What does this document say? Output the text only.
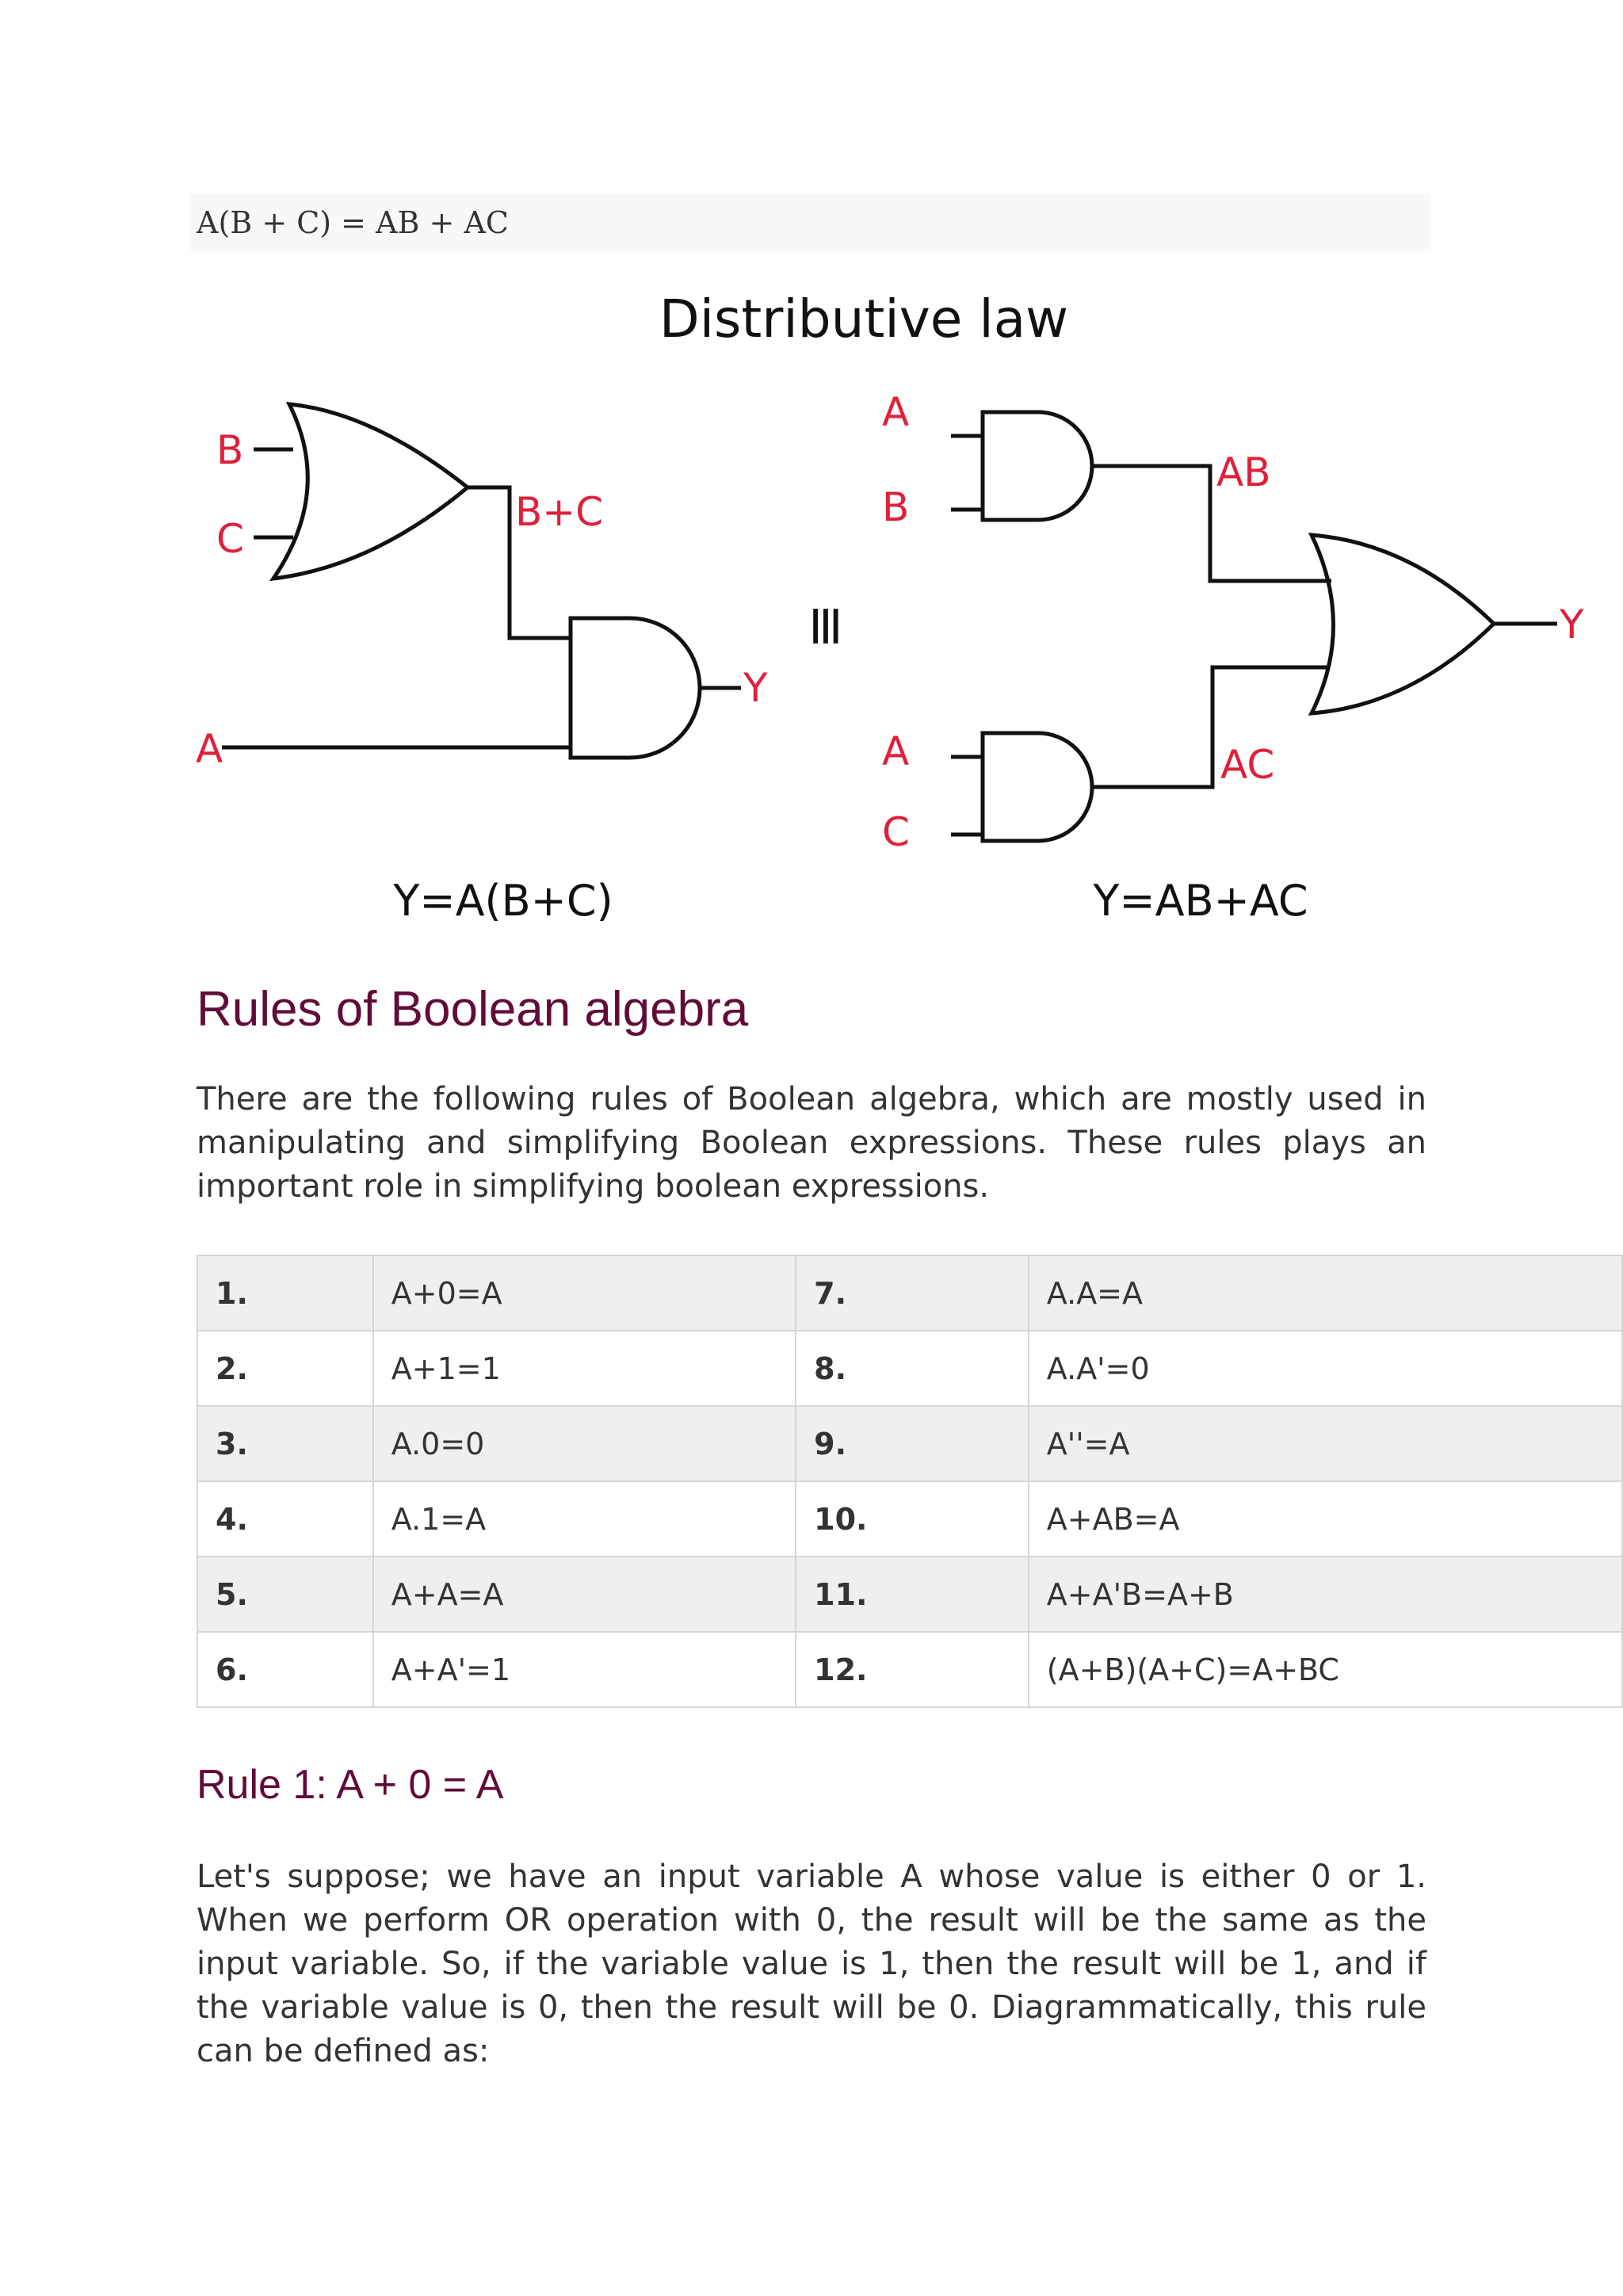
A(B + C) = AB + AC
Distributive law
B
C
A
B+C
Y
Y=A(B+C)
≡
A
B
A
C
AB
AC
Y
Y=AB+AC
Rules of Boolean algebra

There are the following rules of Boolean algebra, which are mostly used in manipulating and simplifying Boolean expressions. These rules plays an important role in simplifying boolean expressions.

1.	A+0=A	7.	A.A=A
2.	A+1=1	8.	A.A'=0
3.	A.0=0	9.	A''=A
4.	A.1=A	10.	A+AB=A
5.	A+A=A	11.	A+A'B=A+B
6.	A+A'=1	12.	(A+B)(A+C)=A+BC
Rule 1: A + 0 = A

Let's suppose; we have an input variable A whose value is either 0 or 1. When we perform OR operation with 0, the result will be the same as the input variable. So, if the variable value is 1, then the result will be 1, and if the variable value is 0, then the result will be 0. Diagrammatically, this rule can be defined as:
